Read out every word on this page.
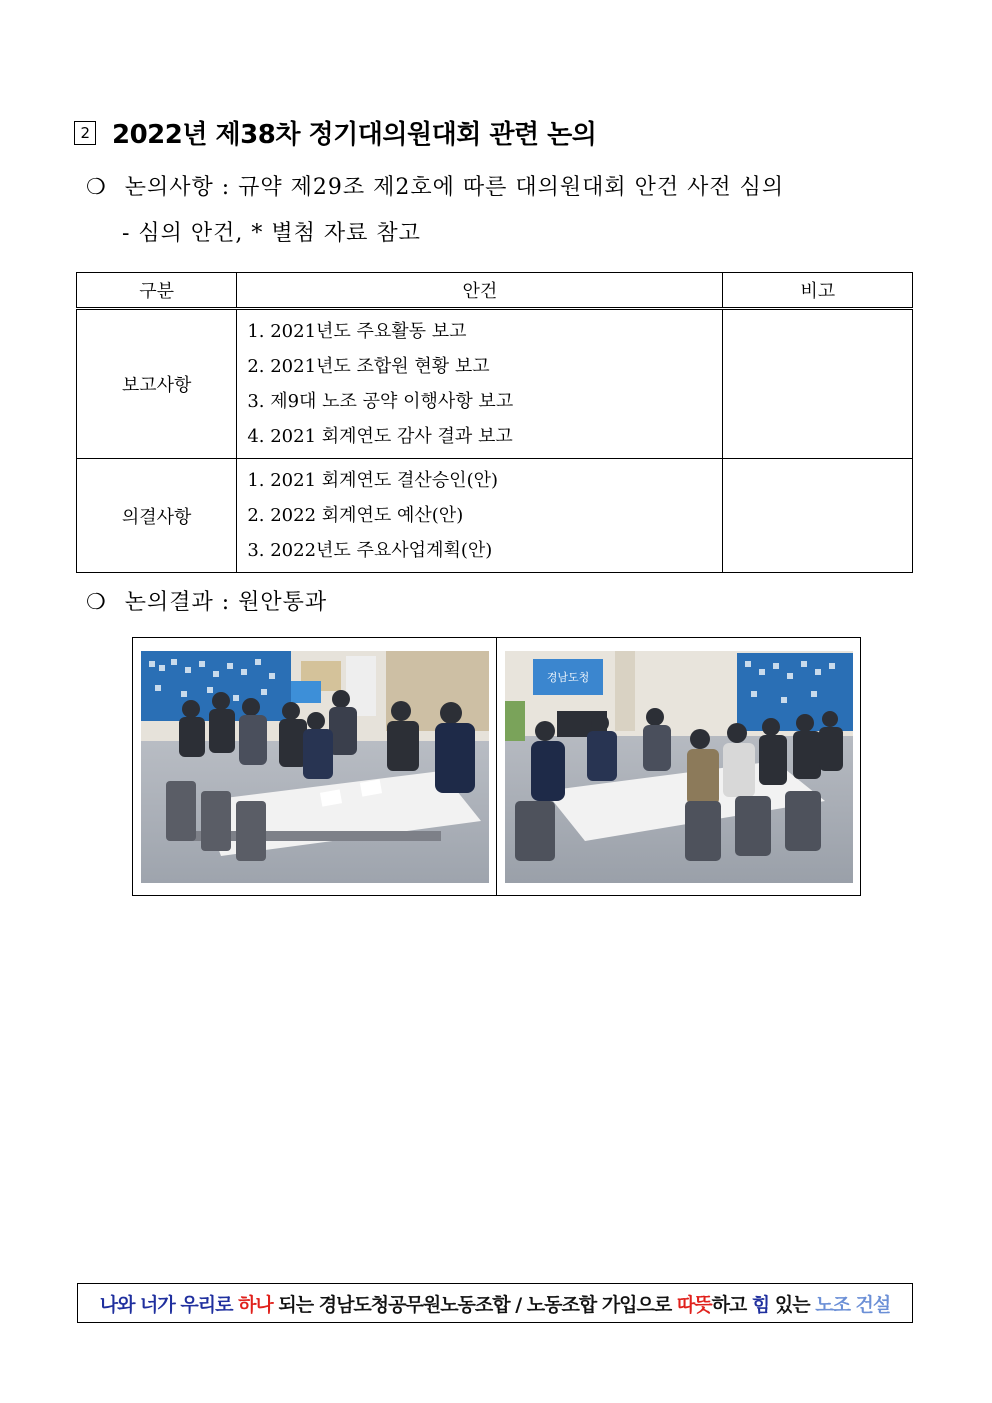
2 2022년 제38차 정기대의원대회 관련 논의
❍ 논의사항 : 규약 제29조 제2호에 따른 대의원대회 안건 사전 심의
- 심의 안건, * 별첨 자료 참고
구분	안건	비고
보고사항	1. 2021년도 주요활동 보고
2. 2021년도 조합원 현황 보고
3. 제9대 노조 공약 이행사항 보고
4. 2021 회계연도 감사 결과 보고	

의결사항	1. 2021 회계연도 결산승인(안)
2. 2022 회계연도 예산(안)
3. 2022년도 주요사업계획(안)	

❍ 논의결과 : 원안통과
경남도청
나와 너가 우리로 하나 되는 경남도청공무원노동조합 / 노동조합 가입으로 따뜻 하고 힘 있는 노조 건설
